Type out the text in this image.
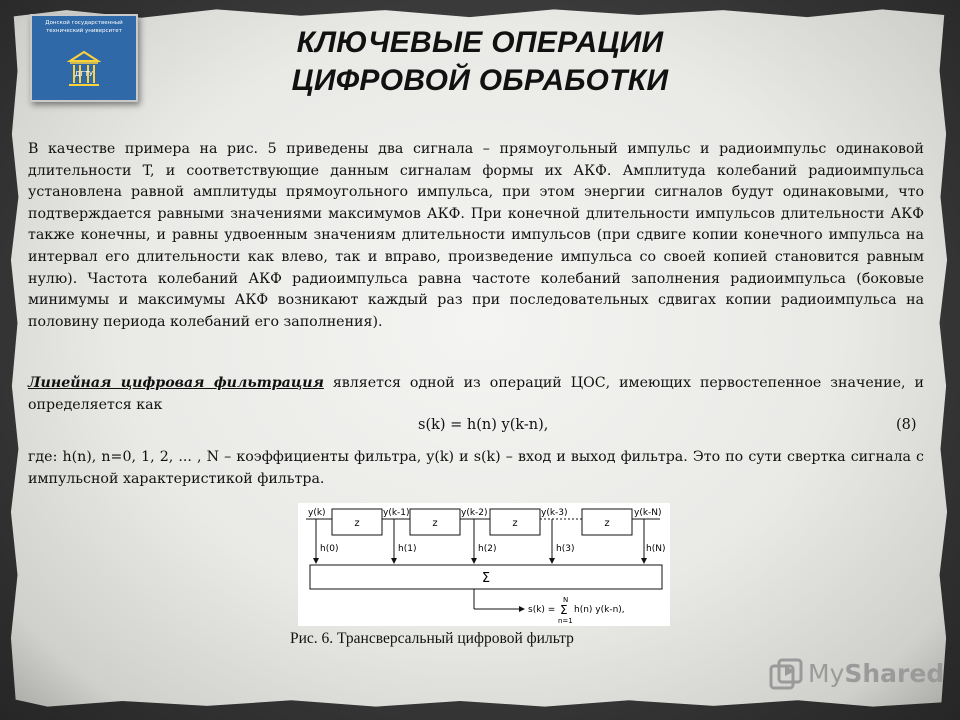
Донской государственный
технический университет
ДГТУ
КЛЮЧЕВЫЕ ОПЕРАЦИИ
ЦИФРОВОЙ ОБРАБОТКИ
В качестве примера на рис. 5 приведены два сигнала – прямоугольный импульс и радиоимпульс одинаковой длительности T, и соответствующие данным сигналам формы их АКФ. Амплитуда колебаний радиоимпульса установлена равной амплитуды прямоугольного импульса, при этом энергии сигналов будут одинаковыми, что подтверждается равными значениями максимумов АКФ. При конечной длительности импульсов длительности АКФ также конечны, и равны удвоенным значениям длительности импульсов (при сдвиге копии конечного импульса на интервал его длительности как влево, так и вправо, произведение импульса со своей копией становится равным нулю). Частота колебаний АКФ радиоимпульса равна частоте колебаний заполнения радиоимпульса (боковые минимумы и максимумы АКФ возникают каждый раз при последовательных сдвигах копии радиоимпульса на половину периода колебаний его заполнения).
Линейная цифровая фильтрация является одной из операций ЦОС, имеющих первостепенное значение, и определяется как
s(k) = h(n) y(k-n),	(8)
где: h(n), n=0, 1, 2, ... , N – коэффициенты фильтра, y(k) и s(k) – вход и выход фильтра. Это по сути свертка сигнала с импульсной характеристикой фильтра.
z	z	z	z
y(k)	y(k-1)	y(k-2)	y(k-3)	y(k-N)
h(0)	h(1)	h(2)	h(3)	h(N)
Σ
s(k) = Σ
N
n=1
h(n) y(k-n),
Рис. 6. Трансверсальный цифровой фильтр
MyShared
